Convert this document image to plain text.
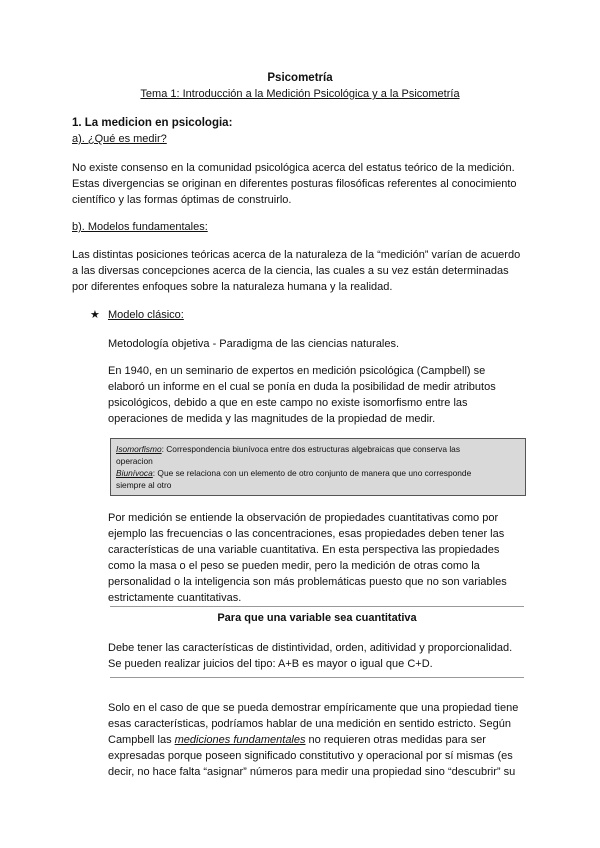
Psicometría
Tema 1: Introducción a la Medición Psicológica y a la Psicometría
1. La medicion en psicologia:
a). ¿Qué es medir?
No existe consenso en la comunidad psicológica acerca del estatus teórico de la medición.
Estas divergencias se originan en diferentes posturas filosóficas referentes al conocimiento
científico y las formas óptimas de construirlo.
b). Modelos fundamentales:
Las distintas posiciones teóricas acerca de la naturaleza de la “medición” varían de acuerdo
a las diversas concepciones acerca de la ciencia, las cuales a su vez están determinadas
por diferentes enfoques sobre la naturaleza humana y la realidad.
★ Modelo clásico:
Metodología objetiva - Paradigma de las ciencias naturales.
En 1940, en un seminario de expertos en medición psicológica (Campbell) se
elaboró un informe en el cual se ponía en duda la posibilidad de medir atributos
psicológicos, debido a que en este campo no existe isomorfismo entre las
operaciones de medida y las magnitudes de la propiedad de medir.
Isomorfismo: Correspondencia biunívoca entre dos estructuras algebraicas que conserva las
operacion
Biunívoca: Que se relaciona con un elemento de otro conjunto de manera que uno corresponde
siempre al otro
Por medición se entiende la observación de propiedades cuantitativas como por
ejemplo las frecuencias o las concentraciones, esas propiedades deben tener las
características de una variable cuantitativa. En esta perspectiva las propiedades
como la masa o el peso se pueden medir, pero la medición de otras como la
personalidad o la inteligencia son más problemáticas puesto que no son variables
estrictamente cuantitativas.
Para que una variable sea cuantitativa
Debe tener las características de distintividad, orden, aditividad y proporcionalidad.
Se pueden realizar juicios del tipo: A+B es mayor o igual que C+D.
Solo en el caso de que se pueda demostrar empíricamente que una propiedad tiene
esas características, podríamos hablar de una medición en sentido estricto. Según
Campbell las mediciones fundamentales no requieren otras medidas para ser
expresadas porque poseen significado constitutivo y operacional por sí mismas (es
decir, no hace falta “asignar” números para medir una propiedad sino “descubrir” su
